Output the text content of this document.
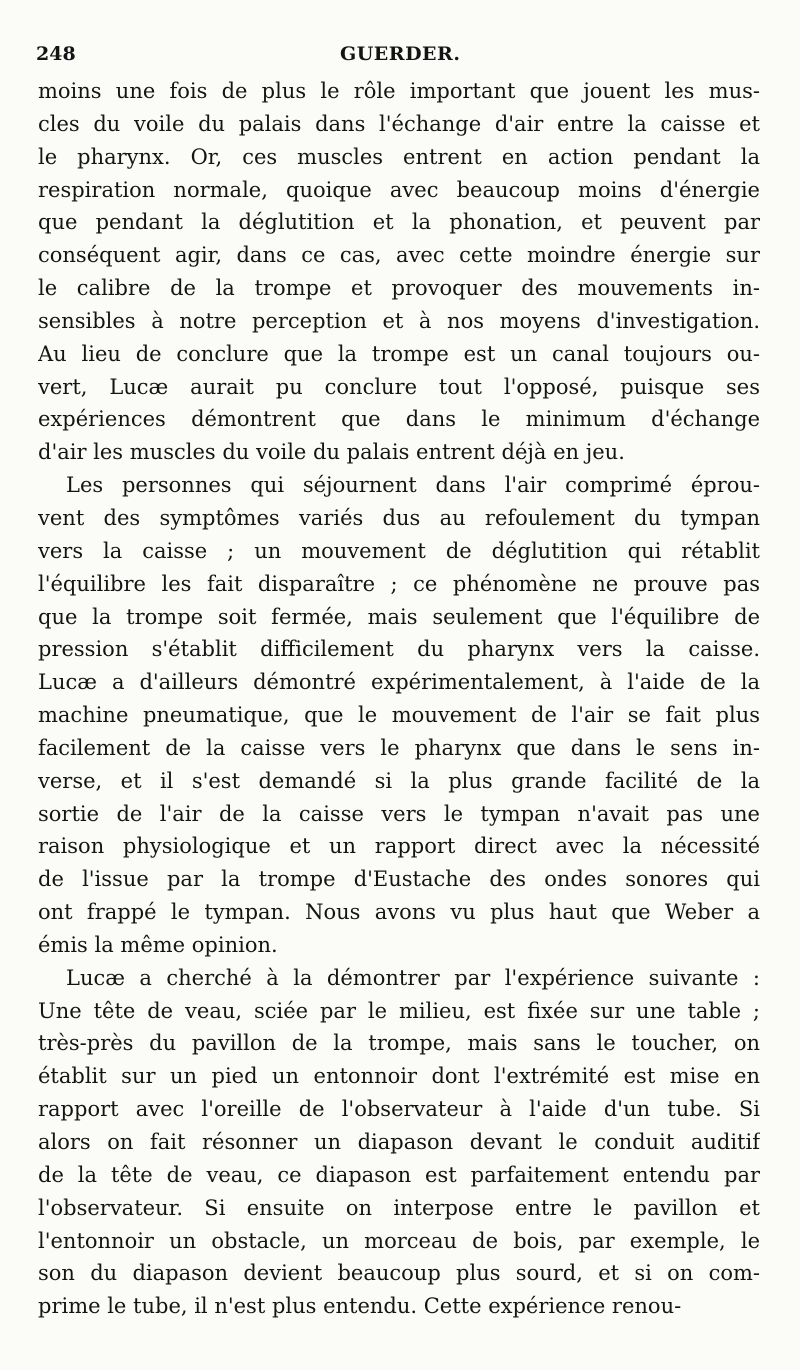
248	GUERDER.
moins une fois de plus le rôle important que jouent les mus-
cles du voile du palais dans l'échange d'air entre la caisse et
le pharynx. Or, ces muscles entrent en action pendant la
respiration normale, quoique avec beaucoup moins d'énergie
que pendant la déglutition et la phonation, et peuvent par
conséquent agir, dans ce cas, avec cette moindre énergie sur
le calibre de la trompe et provoquer des mouvements in-
sensibles à notre perception et à nos moyens d'investigation.
Au lieu de conclure que la trompe est un canal toujours ou-
vert, Lucæ aurait pu conclure tout l'opposé, puisque ses
expériences démontrent que dans le minimum d'échange
d'air les muscles du voile du palais entrent déjà en jeu.
Les personnes qui séjournent dans l'air comprimé éprou-
vent des symptômes variés dus au refoulement du tympan
vers la caisse ; un mouvement de déglutition qui rétablit
l'équilibre les fait disparaître ; ce phénomène ne prouve pas
que la trompe soit fermée, mais seulement que l'équilibre de
pression s'établit difficilement du pharynx vers la caisse.
Lucæ a d'ailleurs démontré expérimentalement, à l'aide de la
machine pneumatique, que le mouvement de l'air se fait plus
facilement de la caisse vers le pharynx que dans le sens in-
verse, et il s'est demandé si la plus grande facilité de la
sortie de l'air de la caisse vers le tympan n'avait pas une
raison physiologique et un rapport direct avec la nécessité
de l'issue par la trompe d'Eustache des ondes sonores qui
ont frappé le tympan. Nous avons vu plus haut que Weber a
émis la même opinion.
Lucæ a cherché à la démontrer par l'expérience suivante :
Une tête de veau, sciée par le milieu, est fixée sur une table ;
très-près du pavillon de la trompe, mais sans le toucher, on
établit sur un pied un entonnoir dont l'extrémité est mise en
rapport avec l'oreille de l'observateur à l'aide d'un tube. Si
alors on fait résonner un diapason devant le conduit auditif
de la tête de veau, ce diapason est parfaitement entendu par
l'observateur. Si ensuite on interpose entre le pavillon et
l'entonnoir un obstacle, un morceau de bois, par exemple, le
son du diapason devient beaucoup plus sourd, et si on com-
prime le tube, il n'est plus entendu. Cette expérience renou-
